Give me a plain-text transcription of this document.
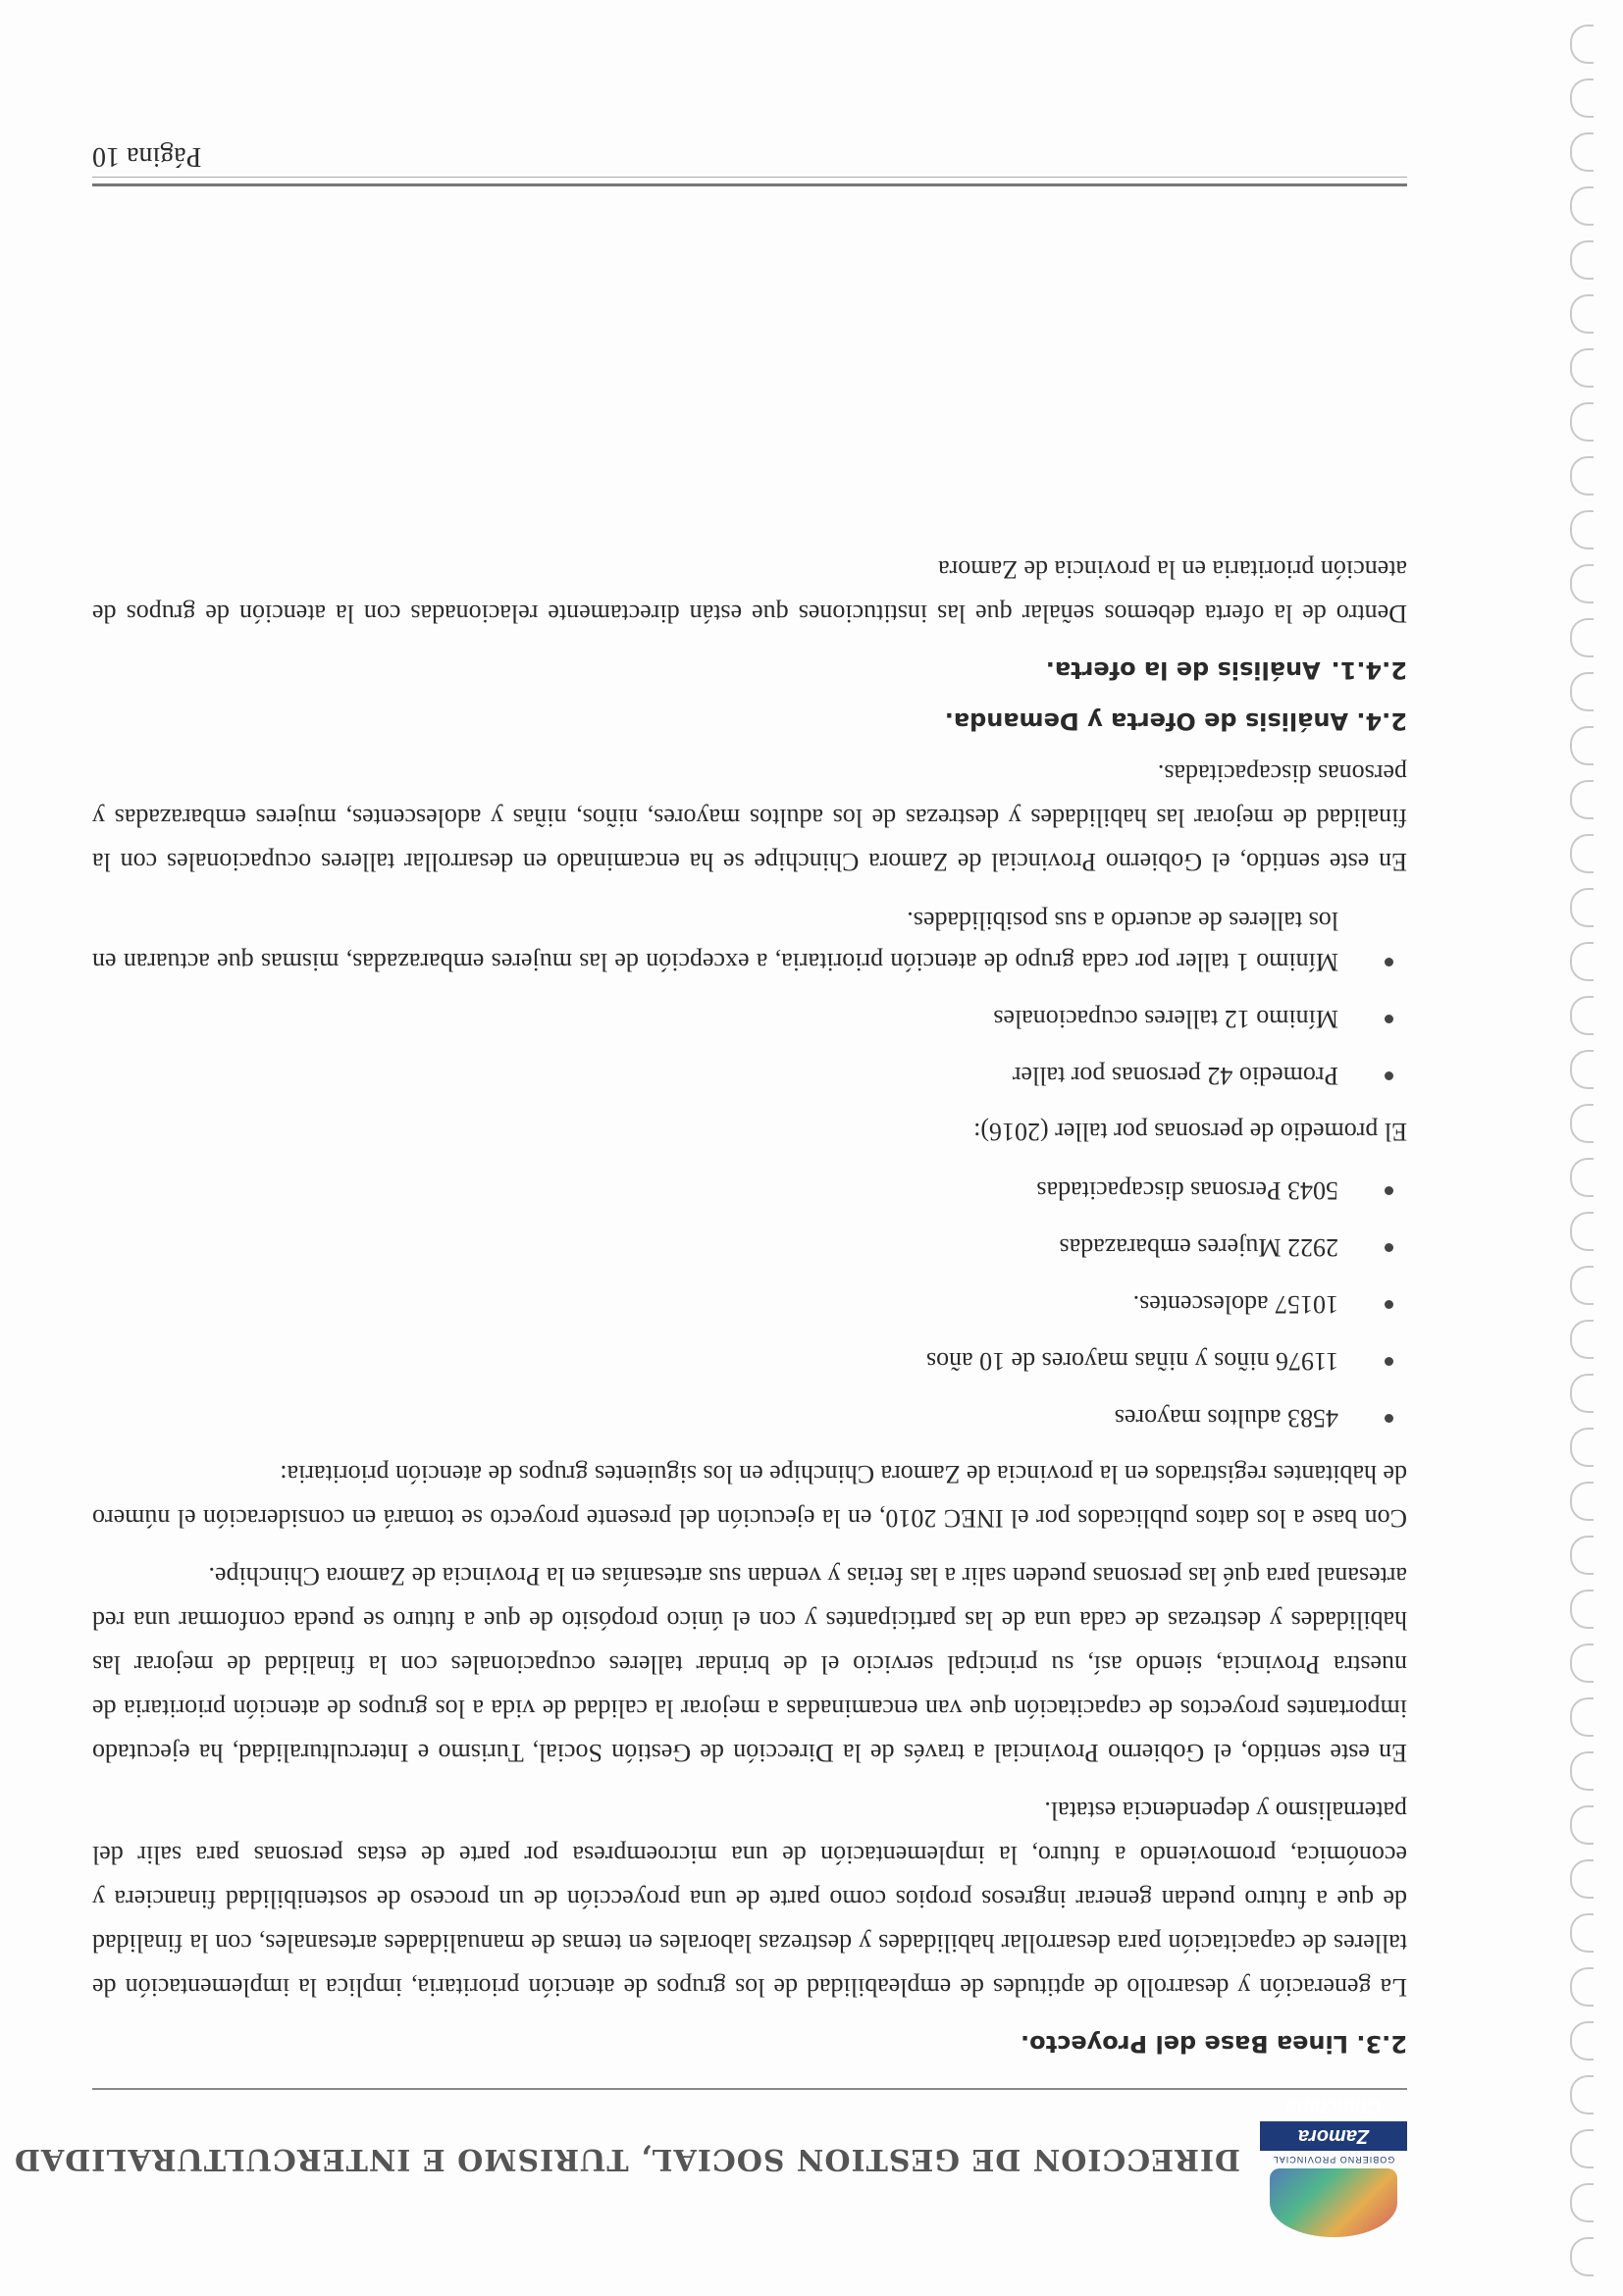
GOBIERNO PROVINCIAL
Zamora Chinchipe
DIRECCION DE GESTION SOCIAL, TURISMO E INTERCULTURALIDAD
2.3. Linea Base del Proyecto.

La generación y desarrollo de aptitudes de empleabilidad de los grupos de atención prioritaria, implica la implementación de talleres de capacitación para desarrollar habilidades y destrezas laborales en temas de manualidades artesanales, con la finalidad de que a futuro puedan generar ingresos propios como parte de una proyección de un proceso de sostenibilidad financiera y económica, promoviendo a futuro, la implementación de una microempresa por parte de estas personas para salir del paternalismo y dependencia estatal.

En este sentido, el Gobierno Provincial a través de la Dirección de Gestión Social, Turismo e Interculturalidad, ha ejecutado importantes proyectos de capacitación que van encaminadas a mejorar la calidad de vida a los grupos de atención prioritaria de nuestra Provincia, siendo así, su principal servicio el de brindar talleres ocupacionales con la finalidad de mejorar las habilidades y destrezas de cada una de las participantes y con el único propósito de que a futuro se pueda conformar una red artesanal para qué las personas pueden salir a las ferias y vendan sus artesanías en la Provincia de Zamora Chinchipe.

Con base a los datos publicados por el INEC 2010, en la ejecución del presente proyecto se tomará en consideración el número de habitantes registrados en la provincia de Zamora Chinchipe en los siguientes grupos de atención prioritaria:

4583 adultos mayores
11976 niños y niñas mayores de 10 años
10157 adolescentes.
2922 Mujeres embarazadas
5043 Personas discapacitadas

El promedio de personas por taller (2016):

Promedio 42 personas por taller
Mínimo 12 talleres ocupacionales
Mínimo 1 taller por cada grupo de atención prioritaria, a excepción de las mujeres embarazadas, mismas que actuaran en los talleres de acuerdo a sus posibilidades.

En este sentido, el Gobierno Provincial de Zamora Chinchipe se ha encaminado en desarrollar talleres ocupacionales con la finalidad de mejorar las habilidades y destrezas de los adultos mayores, niños, niñas y adolescentes, mujeres embarazadas y personas discapacitadas.

2.4. Análisis de Oferta y Demanda.
2.4.1. Análisis de la oferta.

Dentro de la oferta debemos señalar que las instituciones que están directamente relacionadas con la atención de grupos de atención prioritaria en la provincia de Zamora

Página 10
